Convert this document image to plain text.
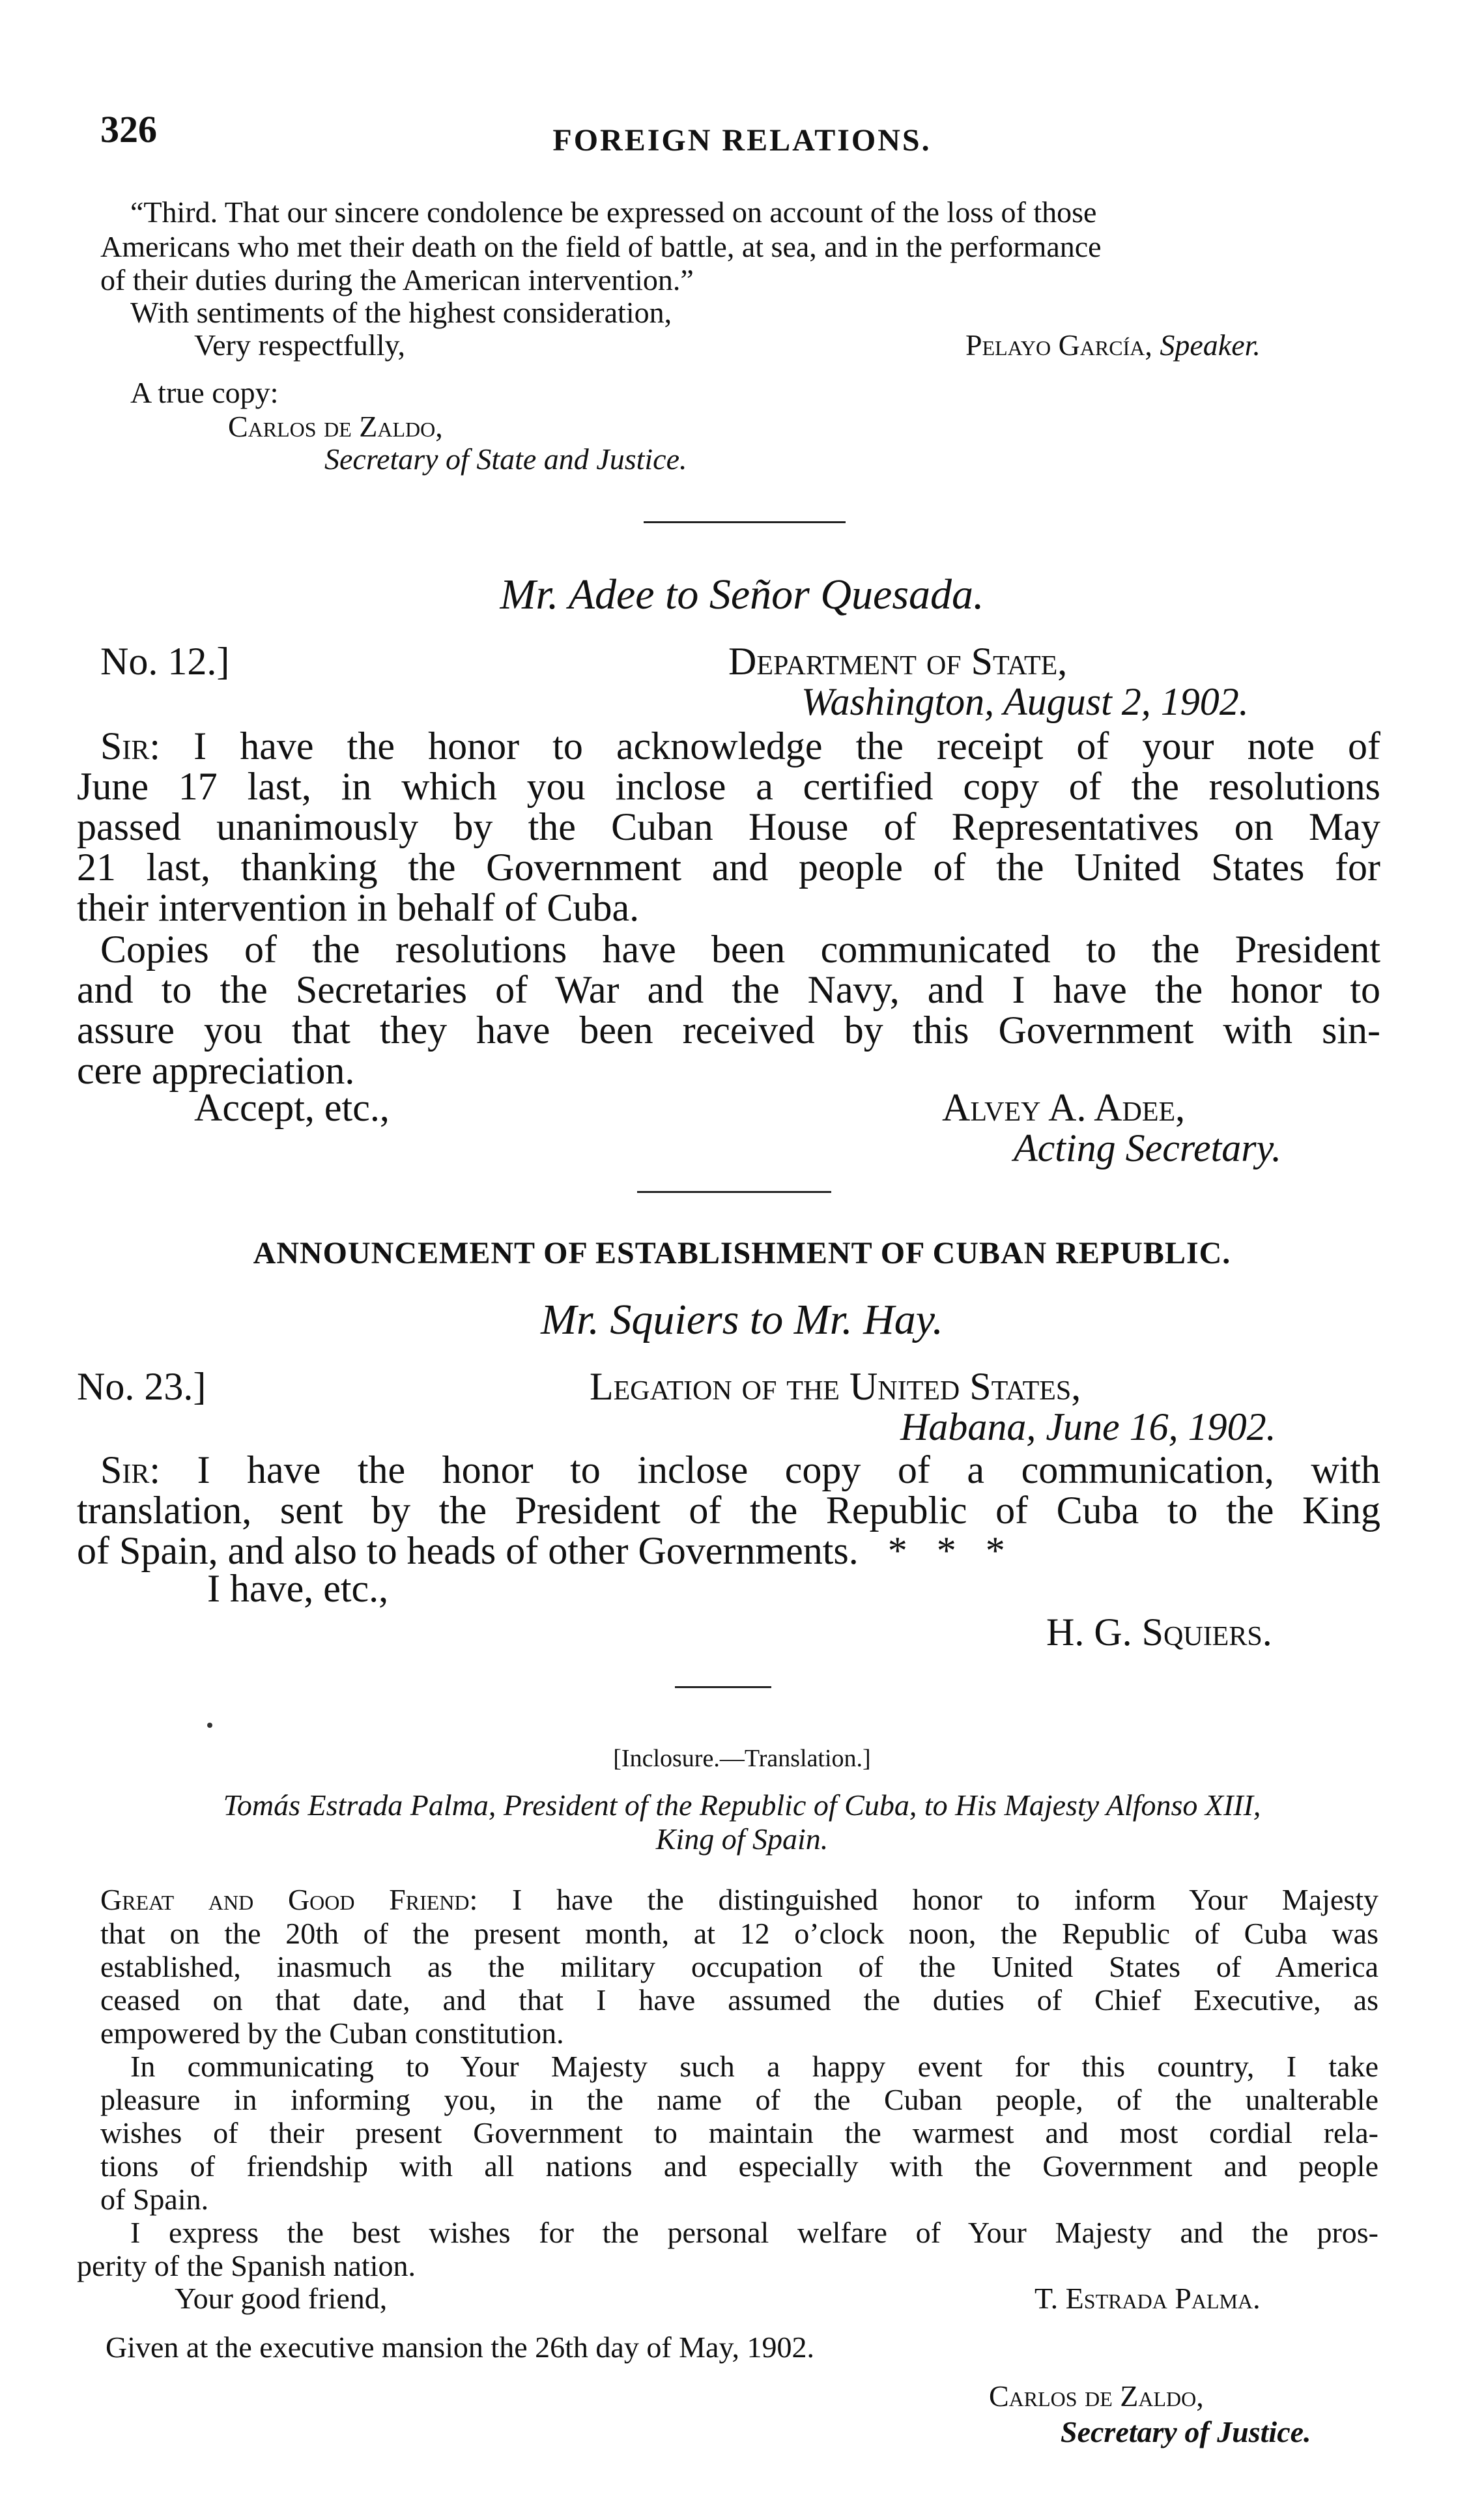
326	FOREIGN RELATIONS.
“Third. That our sincere condolence be expressed on account of the loss of those
Americans who met their death on the field of battle, at sea, and in the performance
of their duties during the American intervention.”
With sentiments of the highest consideration,
Very respectfully,	Pelayo García, Speaker.
A true copy:
Carlos de Zaldo,
Secretary of State and Justice.
Mr. Adee to Señor Quesada.
No. 12.]	Department of State,
Washington, August 2, 1902.
Sir: I have the honor to acknowledge the receipt of your note of
June 17 last, in which you inclose a certified copy of the resolutions
passed unanimously by the Cuban House of Representatives on May
21 last, thanking the Government and people of the United States for
their intervention in behalf of Cuba.
Copies of the resolutions have been communicated to the President
and to the Secretaries of War and the Navy, and I have the honor to
assure you that they have been received by this Government with sin-
cere appreciation.
Accept, etc.,	Alvey A. Adee,
Acting Secretary.
ANNOUNCEMENT OF ESTABLISHMENT OF CUBAN REPUBLIC.
Mr. Squiers to Mr. Hay.
No. 23.]	Legation of the United States,
Habana, June 16, 1902.
Sir: I have the honor to inclose copy of a communication, with
translation, sent by the President of the Republic of Cuba to the King
of Spain, and also to heads of other Governments.   *   *   *
I have, etc.,
H. G. Squiers.
[Inclosure.—Translation.]
Tomás Estrada Palma, President of the Republic of Cuba, to His Majesty Alfonso XIII,
King of Spain.
Great and Good Friend: I have the distinguished honor to inform Your Majesty
that on the 20th of the present month, at 12 o’clock noon, the Republic of Cuba was
established, inasmuch as the military occupation of the United States of America
ceased on that date, and that I have assumed the duties of Chief Executive, as
empowered by the Cuban constitution.
In communicating to Your Majesty such a happy event for this country, I take
pleasure in informing you, in the name of the Cuban people, of the unalterable
wishes of their present Government to maintain the warmest and most cordial rela-
tions of friendship with all nations and especially with the Government and people
of Spain.
I express the best wishes for the personal welfare of Your Majesty and the pros-
perity of the Spanish nation.
Your good friend,	T. Estrada Palma.
Given at the executive mansion the 26th day of May, 1902.
Carlos de Zaldo,
Secretary of Justice.
